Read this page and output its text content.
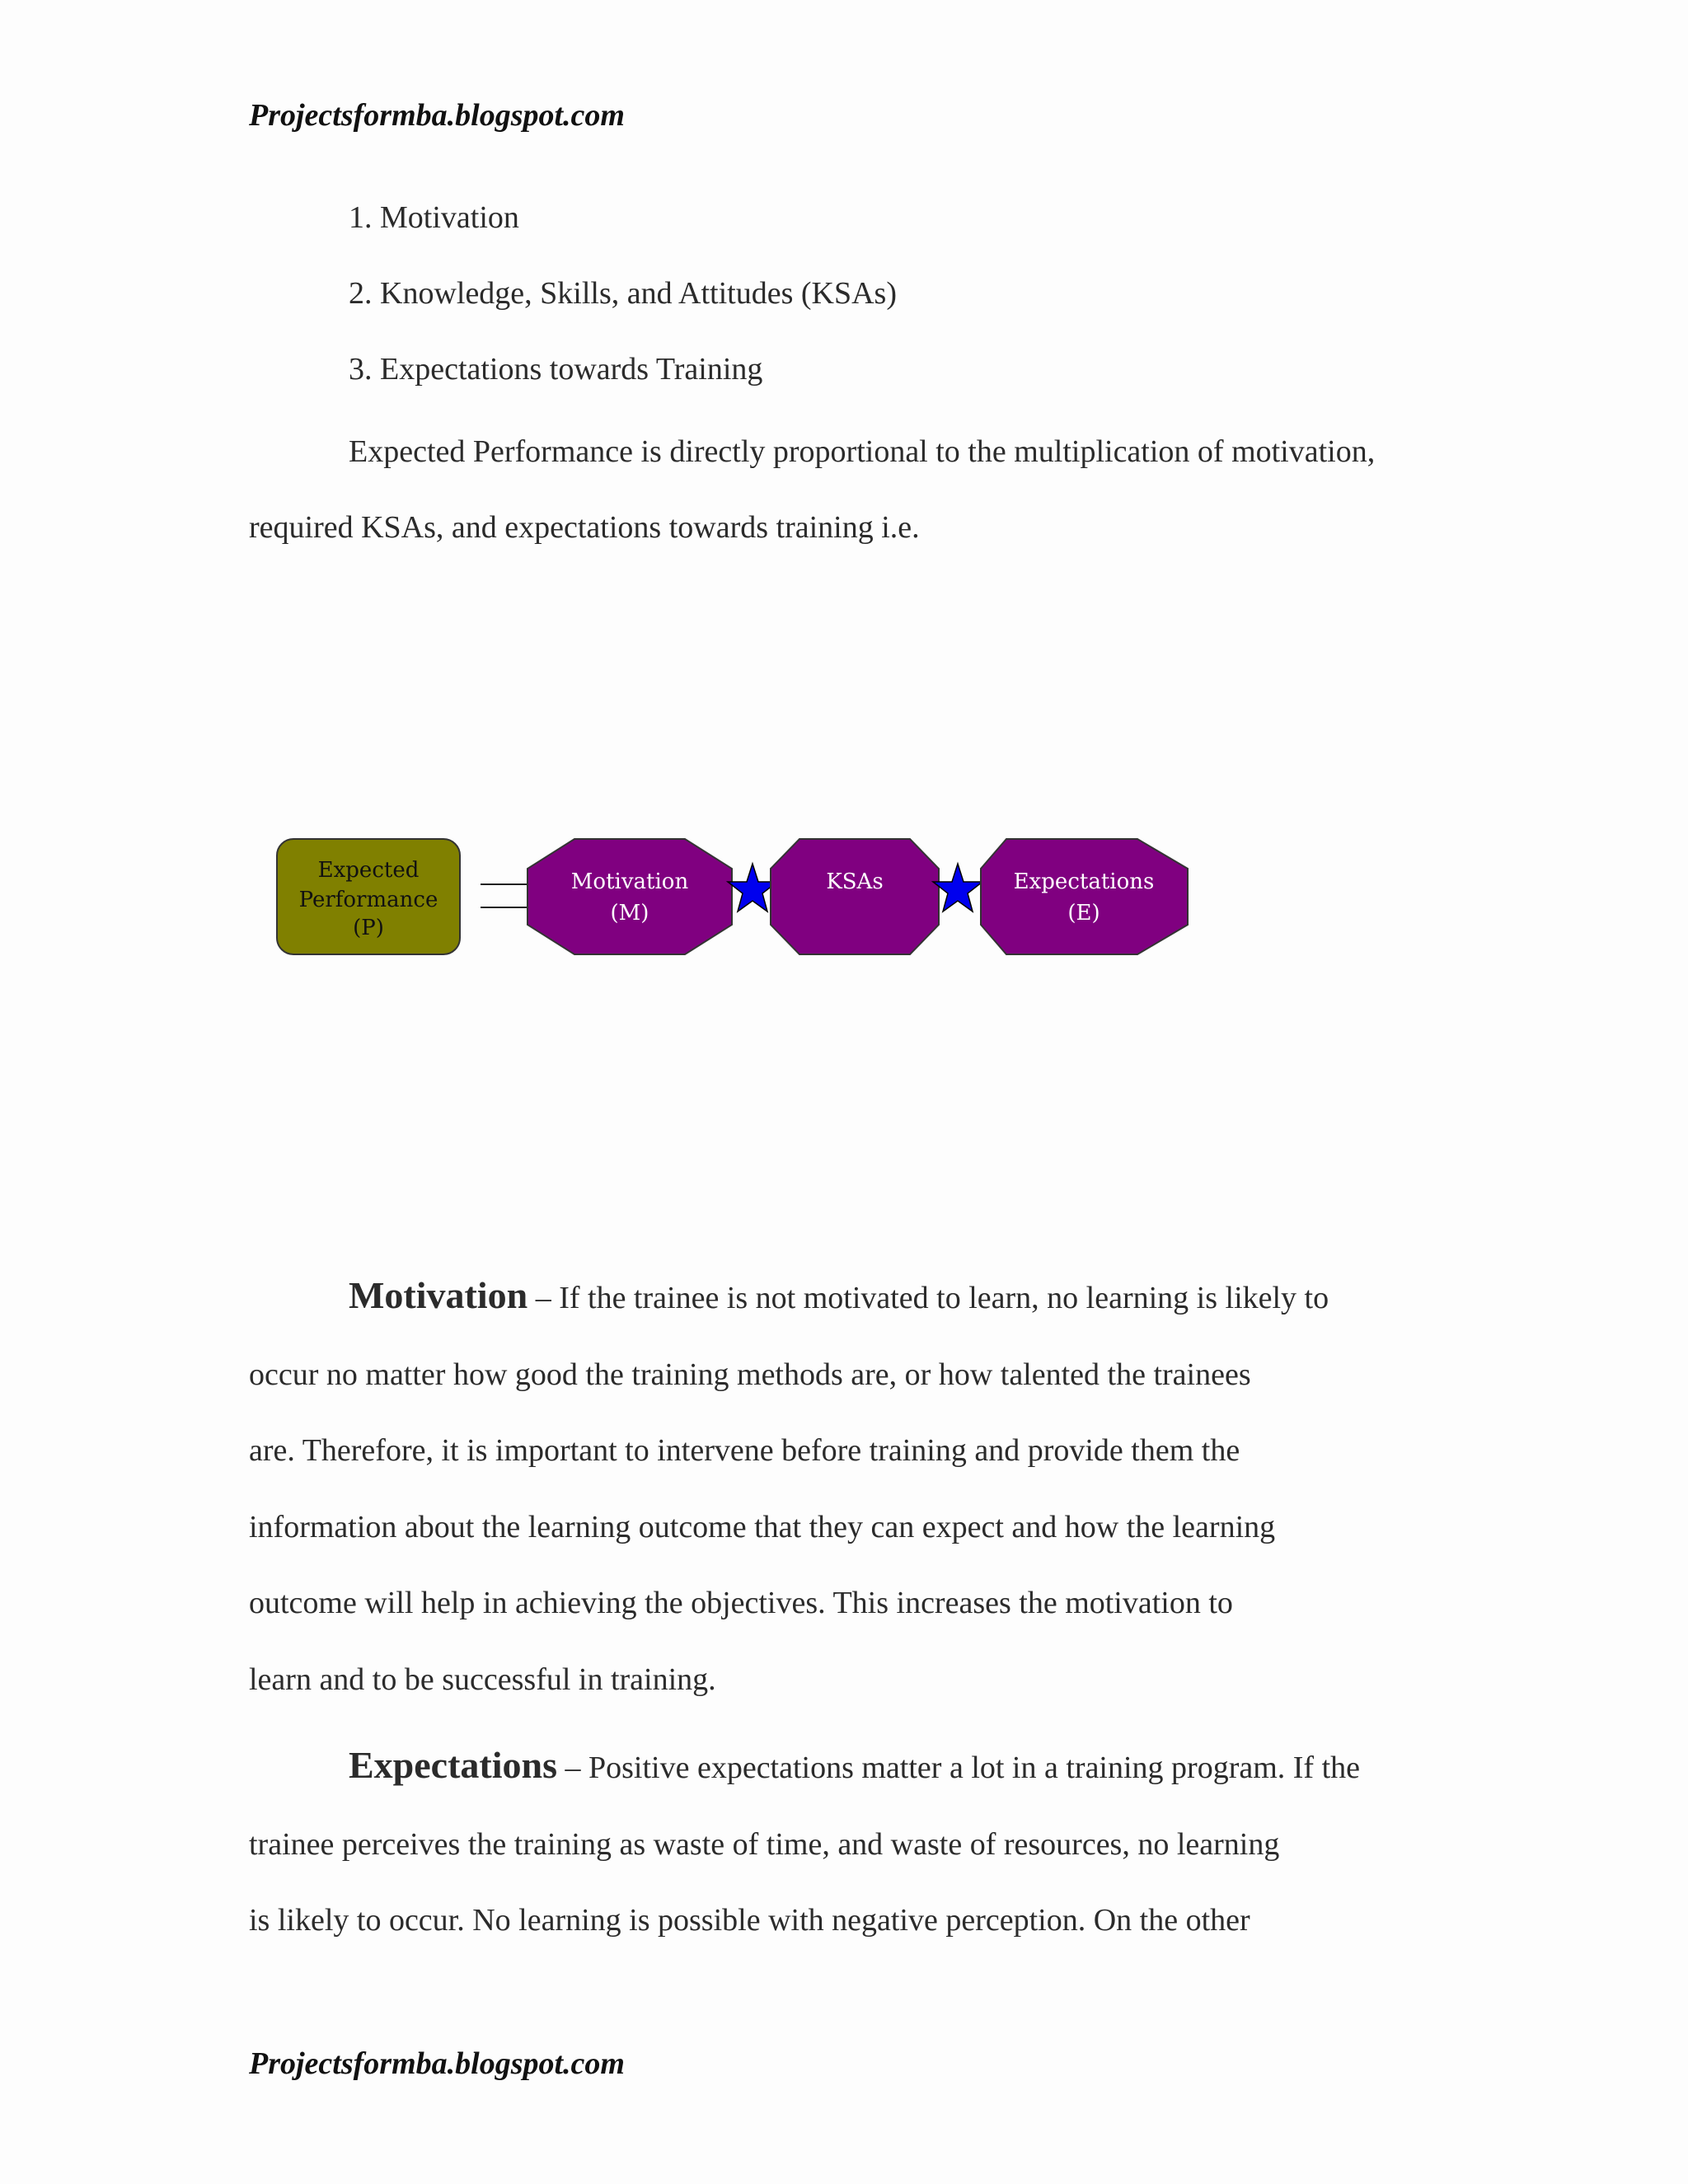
Projectsformba.blogspot.com

1. Motivation

2. Knowledge, Skills, and Attitudes (KSAs)

3. Expectations towards Training

Expected Performance is directly proportional to the multiplication of motivation,

required KSAs, and expectations towards training i.e.

Expected
Performance
(P)
Motivation
(M)
KSAs	Expectations
(E)

Motivation – If the trainee is not motivated to learn, no learning is likely to

occur no matter how good the training methods are, or how talented the trainees

are. Therefore, it is important to intervene before training and provide them the

information about the learning outcome that they can expect and how the learning

outcome will help in achieving the objectives. This increases the motivation to

learn and to be successful in training.

Expectations – Positive expectations matter a lot in a training program. If the

trainee perceives the training as waste of time, and waste of resources, no learning

is likely to occur. No learning is possible with negative perception. On the other

Projectsformba.blogspot.com
